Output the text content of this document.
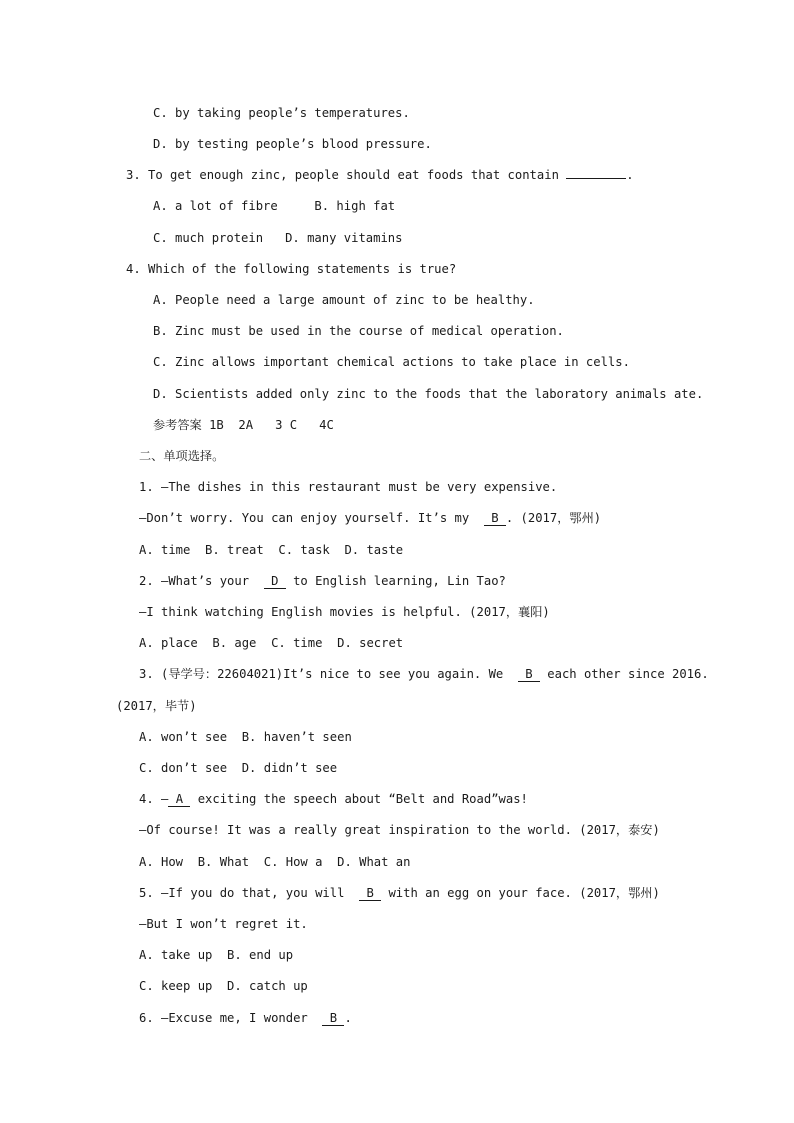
C. by taking people’s temperatures.
D. by testing people’s blood pressure.
3. To get enough zinc, people should eat foods that contain	.
A. a lot of fibre     B. high fat
C. much protein   D. many vitamins
4. Which of the following statements is true?
A. People need a large amount of zinc to be healthy.
B. Zinc must be used in the course of medical operation.
C. Zinc allows important chemical actions to take place in cells.
D. Scientists added only zinc to the foods that the laboratory animals ate.
参考答案 1B  2A   3 C   4C
二、单项选择。
1. —The dishes in this restaurant must be very expensive.
—Don’t worry. You can enjoy yourself. It’s my  B . (2017，鄂州)
A. time  B. treat  C. task  D. taste
2. —What’s your  D to English learning, Lin Tao?
—I think watching English movies is helpful. (2017，襄阳)
A. place  B. age  C. time  D. secret
3. (导学号：22604021)It’s nice to see you again. We  B each other since 2016.
(2017，毕节)
A. won’t see  B. haven’t seen
C. don’t see  D. didn’t see
4. — A exciting the speech about “Belt and Road”was!
—Of course! It was a really great inspiration to the world. (2017，泰安)
A. How  B. What  C. How a  D. What an
5. —If you do that, you will  B with an egg on your face. (2017，鄂州)
—But I won’t regret it.
A. take up  B. end up
C. keep up  D. catch up
6. —Excuse me, I wonder  B .
